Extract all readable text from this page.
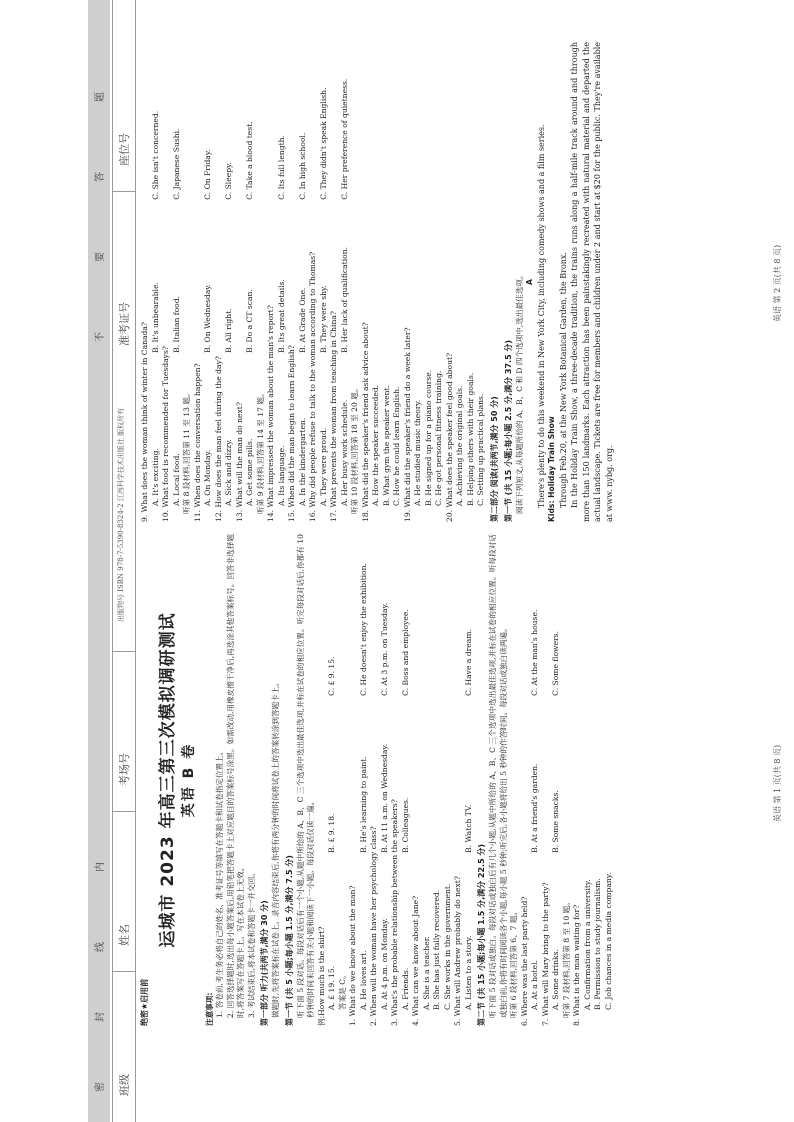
密
封
线
内
不
要
答
题
班级
姓名
考场号
准考证号
座位号
出版物号 ISBN 978-7-5390-8324-2 江西科学技术出版社 版权所有
绝密★启用前
运城市 2023 年高三第三次模拟调研测试 英语 B 卷
注意事项: 1. 答卷前,考生务必将自己的姓名、准考证号等填写在答题卡和试卷指定位置上。 2. 回答选择题时,选出每小题答案后,用铅笔把答题卡上对应题目的答案标号涂黑。如需改动,用橡皮擦干净后,再选涂其他答案标号。回答非选择题时,将答案写在答题卡上。写在本试卷上无效。 3. 考试结束后,将本试卷和答题卡一并交回。 第一部分 听力(共两节,满分 30 分) 做题时,先将答案标在试卷上。录音内容结束后,你将有两分钟的时间将试卷上的答案转涂到答题卡上。 第一节 (共 5 小题;每小题 1.5 分,满分 7.5 分) 听下面 5 段对话。每段对话后有一个小题,从题中所给的 A、B、C 三个选项中选出最佳选项,并标在试卷的相应位置。听完每段对话后,你都有 10 秒钟的时间来回答有关小题和阅读下一小题。每段对话仅读一遍。 例:How much is the shirt? A. £ 19. 15.
B. £ 9. 18.
C. £ 9. 15.
答案是 C。 1. What do we know about the man? A. He loves art.
B. He's learning to paint.
C. He doesn't enjoy the exhibition.
2. When will the woman have her psychology class? A. At 4 p.m. on Monday.
B. At 11 a.m. on Wednesday.
C. At 3 p.m. on Tuesday.
3. What's the probable relationship between the speakers? A. Friends.
B. Colleagues.
C. Boss and employee.
4. What can we know about Jane? A. She is a teacher. B. She has just fully recovered. C. She works in the government. 5. What will Andrew probably do next? A. Listen to a story.
B. Watch TV.
C. Have a dream.
第二节 (共 15 小题;每小题 1.5 分,满分 22.5 分) 听下面 5 段对话或独白。每段对话或独白后有几个小题,从题中所给的 A、B、C 三个选项中选出最佳选项,并标在试卷的相应位置。听每段对话或独白前,你将有时间阅读各个小题,每小题 5 秒钟;听完后,各小题将给出 5 秒钟的作答时间。每段对话或独白读两遍。 听第 6 段材料,回答第 6、7 题。 6. Where was the last party held? A. At a hotel.
B. At a friend's garden.
C. At the man's house.
7. What will Mary bring to the party? A. Some drinks.
B. Some snacks.
C. Some flowers.
听第 7 段材料,回答第 8 至 10 题。 8. What is the man waiting for? A. Confirmation from a university. B. Permission to study journalism. C. Job chances in a media company.
9. What does the woman think of winter in Canada? A. It's exciting.
B. It's unbearable.
C. She isn't concerned.
10. What food is recommended for Tuesdays? A. Local food.
B. Italian food.
C. Japanese Sushi.
听第 8 段材料,回答第 11 至 13 题。 11. When does the conversation happen? A. On Monday.
B. On Wednesday.
C. On Friday.
12. How does the man feel during the day? A. Sick and dizzy.
B. All right.
C. Sleepy.
13. What will the man do next? A. Get some pills.
B. Do a CT scan.
C. Take a blood test.
听第 9 段材料,回答第 14 至 17 题。 14. What impressed the woman about the man's report? A. Its language.
B. Its great details.
C. Its full length.
15. When did the man begin to learn English? A. In the kindergarten.
B. At Grade One.
C. In high school.
16. Why did people refuse to talk to the woman according to Thomas? A. They were proud.
B. They were shy.
C. They didn't speak English.
17. What prevents the woman from teaching in China? A. Her busy work schedule.
B. Her lack of qualification.
C. Her preference of quietness.
听第 10 段材料,回答第 18 至 20 题。 18. What did the speaker's friend ask advice about? A. How the speaker succeeded. B. What gym the speaker went. C. How he could learn English. 19. What did the speaker's friend do a week later? A. He studied music theory. B. He signed up for a piano course. C. He got personal fitness training. 20. What does the speaker feel good about? A. Achieving the original goals. B. Helping others with their goals. C. Setting up practical plans. 第二部分 阅读(共两节,满分 50 分) 第一节 (共 15 小题;每小题 2.5 分,满分 37.5 分) 阅读下列短文,从每题所给的 A、B、C 和 D 四个选项中,选出最佳选项。 A There's plenty to do this weekend in New York City, including comedy shows and a film series. Kids: Holiday Train Show Through Feb.20, at the New York Botanical Garden, the Bronx. In the Holiday Train Show, a three-decade tradition, the trains runs along a half-mile track around and through more than 150 landmarks. Each attraction has been painstakingly recreated with natural material and departed the actual landscape. Tickets are free for members and children under 2 and start at $20 for the public. They're available at www. nybg. org.
英语 第 1 页(共 8 页)
英语 第 2 页(共 8 页)
